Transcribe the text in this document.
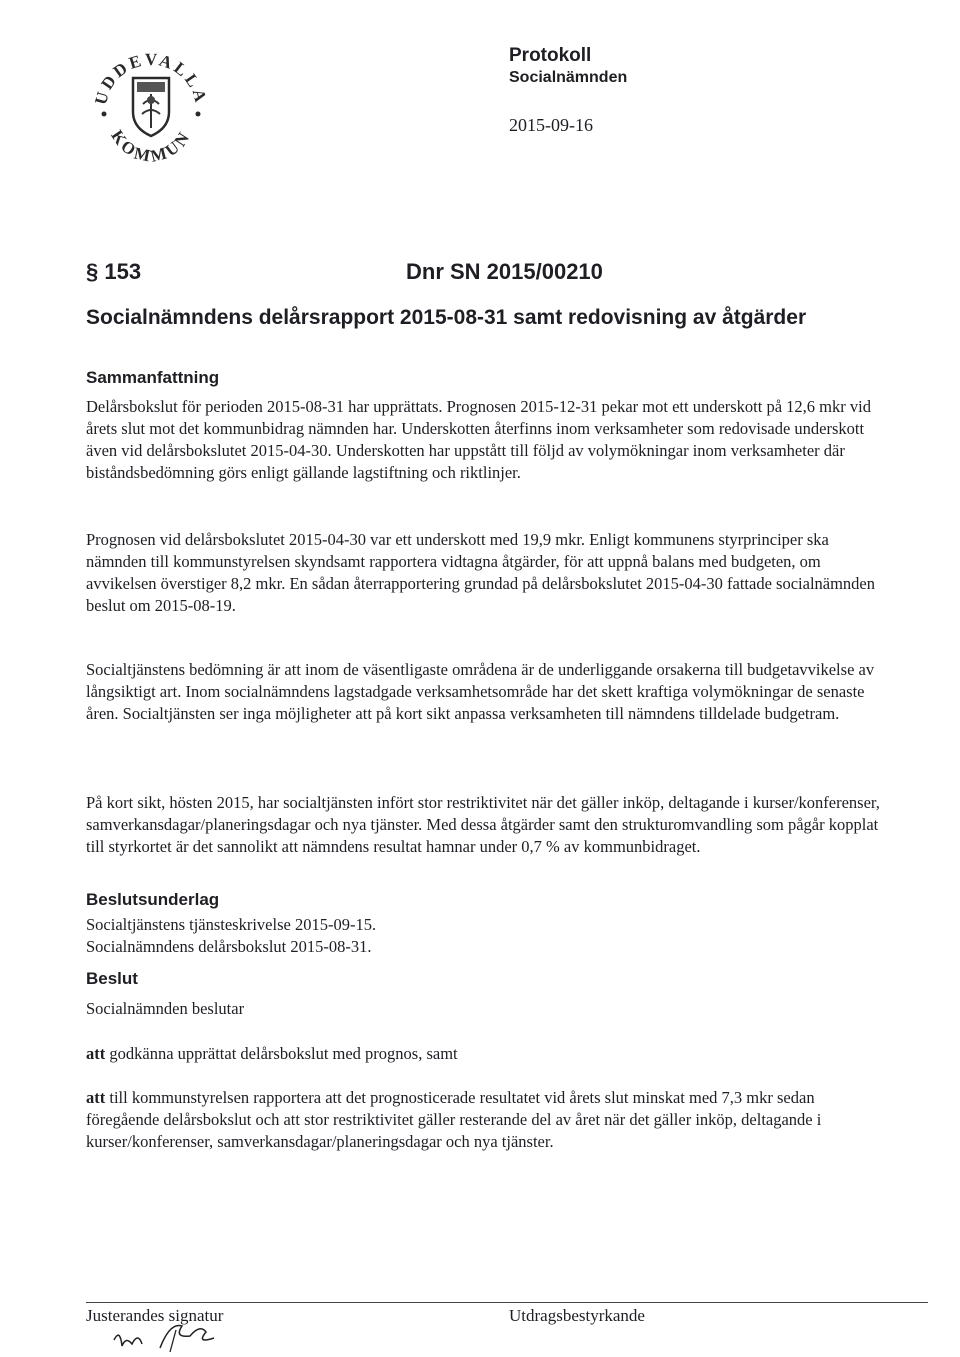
UDDEVALLA
KOMMUN
Protokoll
Socialnämnden
2015-09-16
§ 153	Dnr SN 2015/00210
Socialnämndens delårsrapport 2015-08-31 samt redovisning av åtgärder
Sammanfattning

Delårsbokslut för perioden 2015-08-31 har upprättats. Prognosen 2015-12-31 pekar mot ett underskott på 12,6 mkr vid årets slut mot det kommunbidrag nämnden har. Underskotten återfinns inom verksamheter som redovisade underskott även vid delårsbokslutet 2015-04-30. Underskotten har uppstått till följd av volymökningar inom verksamheter där biståndsbedömning görs enligt gällande lagstiftning och riktlinjer.

Prognosen vid delårsbokslutet 2015-04-30 var ett underskott med 19,9 mkr. Enligt kommunens styrprinciper ska nämnden till kommunstyrelsen skyndsamt rapportera vidtagna åtgärder, för att uppnå balans med budgeten, om avvikelsen överstiger 8,2 mkr. En sådan återrapportering grundad på delårsbokslutet 2015-04-30 fattade socialnämnden beslut om 2015-08-19.

Socialtjänstens bedömning är att inom de väsentligaste områdena är de underliggande orsakerna till budgetavvikelse av långsiktigt art. Inom socialnämndens lagstadgade verksamhetsområde har det skett kraftiga volymökningar de senaste åren. Socialtjänsten ser inga möjligheter att på kort sikt anpassa verksamheten till nämndens tilldelade budgetram.

På kort sikt, hösten 2015, har socialtjänsten infört stor restriktivitet när det gäller inköp, deltagande i kurser/konferenser, samverkansdagar/planeringsdagar och nya tjänster. Med dessa åtgärder samt den strukturomvandling som pågår kopplat till styrkortet är det sannolikt att nämndens resultat hamnar under 0,7 % av kommunbidraget.

Beslutsunderlag
Socialtjänstens tjänsteskrivelse 2015-09-15.
Socialnämndens delårsbokslut 2015-08-31.
Beslut
Socialnämnden beslutar

att godkänna upprättat delårsbokslut med prognos, samt

att till kommunstyrelsen rapportera att det prognosticerade resultatet vid årets slut minskat med 7,3 mkr sedan föregående delårsbokslut och att stor restriktivitet gäller resterande del av året när det gäller inköp, deltagande i kurser/konferenser, samverkansdagar/planeringsdagar och nya tjänster.

Justerandes signatur	Utdragsbestyrkande
